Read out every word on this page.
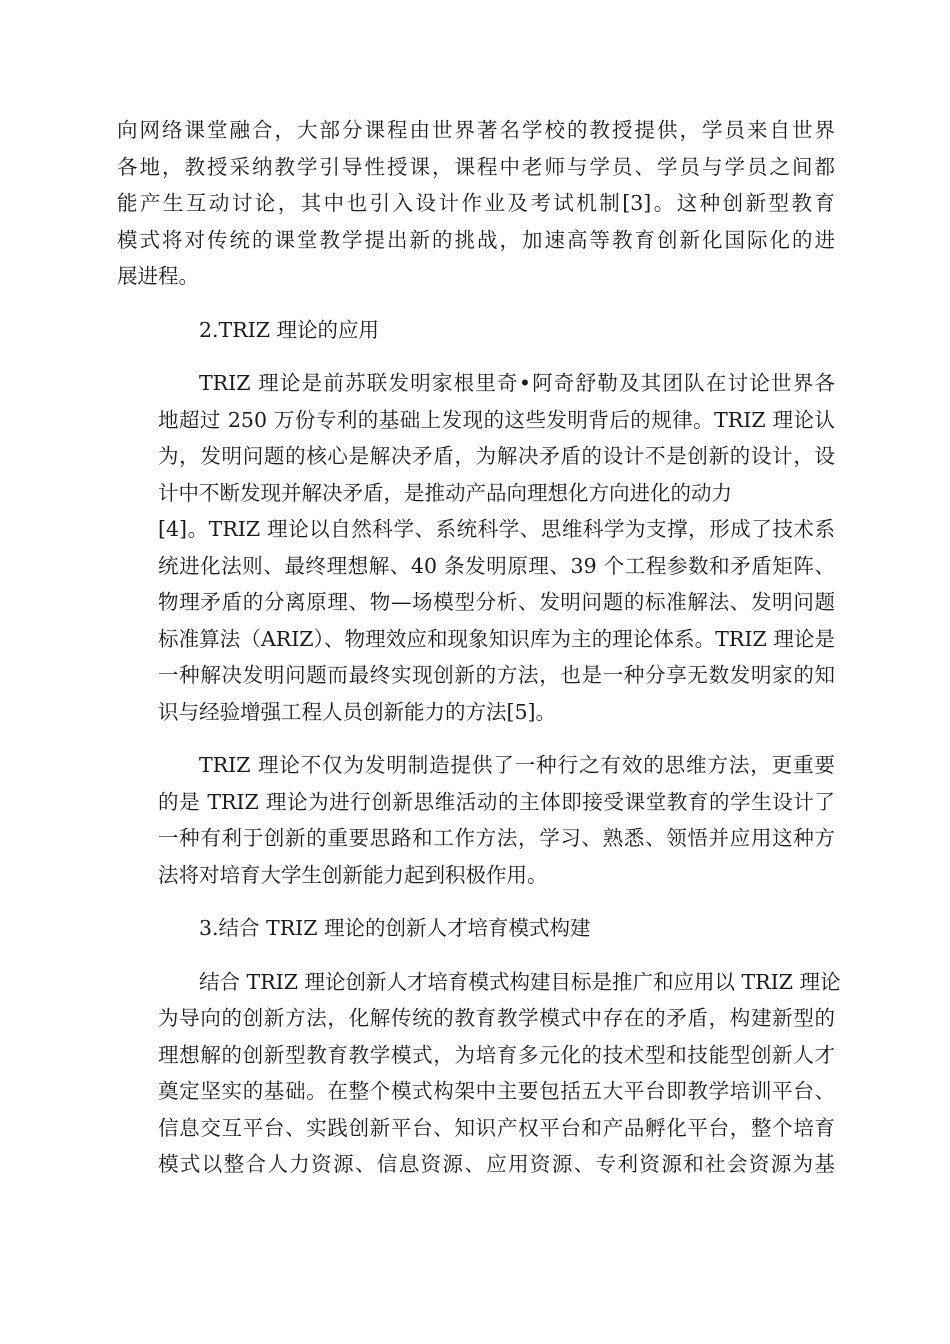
向网络课堂融合，大部分课程由世界著名学校的教授提供，学员来自世界
各地，教授采纳教学引导性授课，课程中老师与学员、学员与学员之间都
能产生互动讨论，其中也引入设计作业及考试机制[3]。这种创新型教育
模式将对传统的课堂教学提出新的挑战，加速高等教育创新化国际化的进
展进程。
2.TRIZ 理论的应用
TRIZ 理论是前苏联发明家根里奇•阿奇舒勒及其团队在讨论世界各
地超过 250 万份专利的基础上发现的这些发明背后的规律。TRIZ 理论认
为，发明问题的核心是解决矛盾，为解决矛盾的设计不是创新的设计，设
计中不断发现并解决矛盾，是推动产品向理想化方向进化的动力
[4]。TRIZ 理论以自然科学、系统科学、思维科学为支撑，形成了技术系
统进化法则、最终理想解、40 条发明原理、39 个工程参数和矛盾矩阵、
物理矛盾的分离原理、物—场模型分析、发明问题的标准解法、发明问题
标准算法（ARIZ）、物理效应和现象知识库为主的理论体系。TRIZ 理论是
一种解决发明问题而最终实现创新的方法，也是一种分享无数发明家的知
识与经验增强工程人员创新能力的方法[5]。
TRIZ 理论不仅为发明制造提供了一种行之有效的思维方法，更重要
的是 TRIZ 理论为进行创新思维活动的主体即接受课堂教育的学生设计了
一种有利于创新的重要思路和工作方法，学习、熟悉、领悟并应用这种方
法将对培育大学生创新能力起到积极作用。
3.结合 TRIZ 理论的创新人才培育模式构建
结合 TRIZ 理论创新人才培育模式构建目标是推广和应用以 TRIZ 理论
为导向的创新方法，化解传统的教育教学模式中存在的矛盾，构建新型的
理想解的创新型教育教学模式，为培育多元化的技术型和技能型创新人才
奠定坚实的基础。在整个模式构架中主要包括五大平台即教学培训平台、
信息交互平台、实践创新平台、知识产权平台和产品孵化平台，整个培育
模式以整合人力资源、信息资源、应用资源、专利资源和社会资源为基
